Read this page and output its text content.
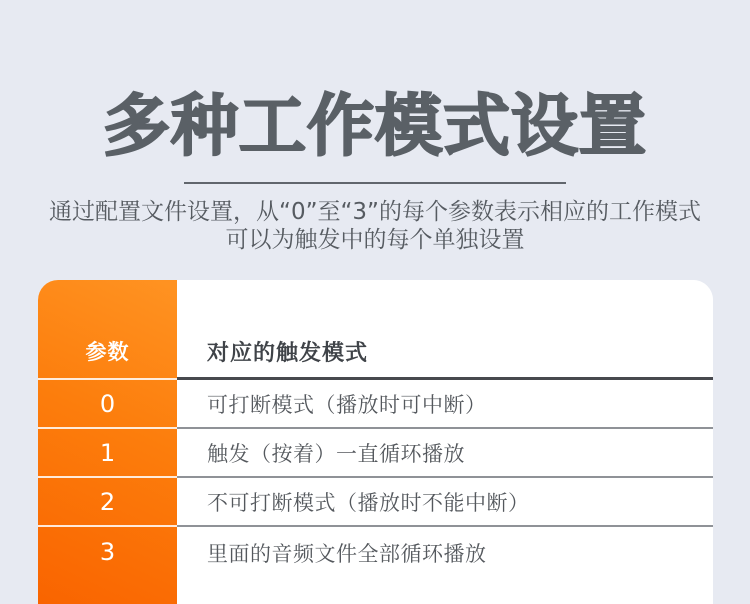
多种工作模式设置
通过配置文件设置，从“0”至“3”的每个参数表示相应的工作模式
可以为触发中的每个单独设置
参数
0
1
2
3
对应的触发模式
可打断模式（播放时可中断）
触发（按着）一直循环播放
不可打断模式（播放时不能中断）
里面的音频文件全部循环播放
